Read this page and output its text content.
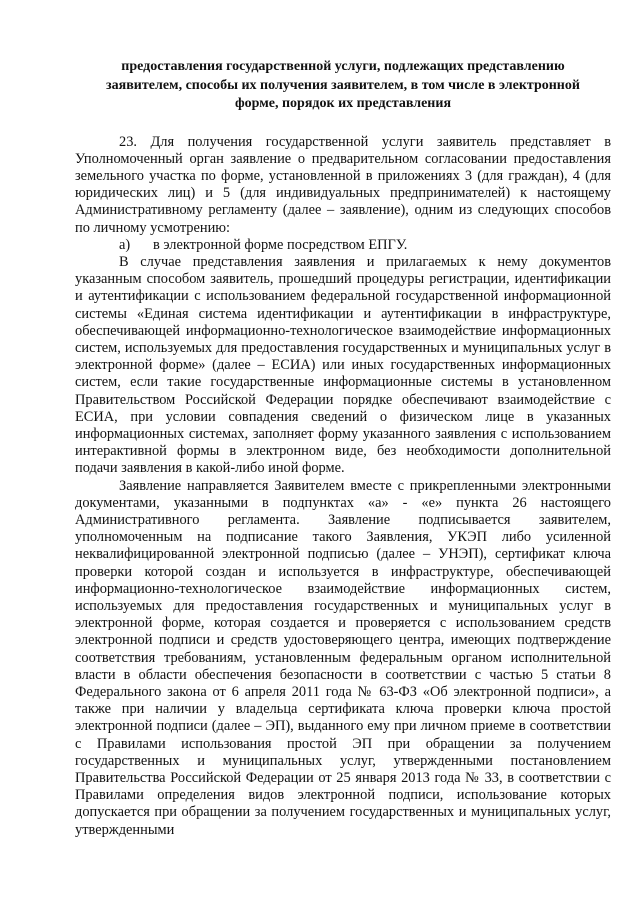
предоставления государственной услуги, подлежащих представлению
заявителем, способы их получения заявителем, в том числе в электронной
форме, порядок их представления

23. Для получения государственной услуги заявитель представляет в Уполномоченный орган заявление о предварительном согласовании предоставления земельного участка по форме, установленной в приложениях 3 (для граждан), 4 (для юридических лиц) и 5 (для индивидуальных предпринимателей) к настоящему Административному регламенту (далее – заявление), одним из следующих способов по личному усмотрению:

а) в электронной форме посредством ЕПГУ.

В случае представления заявления и прилагаемых к нему документов указанным способом заявитель, прошедший процедуры регистрации, идентификации и аутентификации с использованием федеральной государственной информационной системы «Единая система идентификации и аутентификации в инфраструктуре, обеспечивающей информационно-технологическое взаимодействие информационных систем, используемых для предоставления государственных и муниципальных услуг в электронной форме» (далее – ЕСИА) или иных государственных информационных систем, если такие государственные информационные системы в установленном Правительством Российской Федерации порядке обеспечивают взаимодействие с ЕСИА, при условии совпадения сведений о физическом лице в указанных информационных системах, заполняет форму указанного заявления с использованием интерактивной формы в электронном виде, без необходимости дополнительной подачи заявления в какой-либо иной форме.

Заявление направляется Заявителем вместе с прикрепленными электронными документами, указанными в подпунктах «а» - «е» пункта 26 настоящего Административного регламента. Заявление подписывается заявителем, уполномоченным на подписание такого Заявления, УКЭП либо усиленной неквалифицированной электронной подписью (далее – УНЭП), сертификат ключа проверки которой создан и используется в инфраструктуре, обеспечивающей информационно-технологическое взаимодействие информационных систем, используемых для предоставления государственных и муниципальных услуг в электронной форме, которая создается и проверяется с использованием средств электронной подписи и средств удостоверяющего центра, имеющих подтверждение соответствия требованиям, установленным федеральным органом исполнительной власти в области обеспечения безопасности в соответствии с частью 5 статьи 8 Федерального закона от 6 апреля 2011 года № 63-ФЗ «Об электронной подписи», а также при наличии у владельца сертификата ключа проверки ключа простой электронной подписи (далее – ЭП), выданного ему при личном приеме в соответствии с Правилами использования простой ЭП при обращении за получением государственных и муниципальных услуг, утвержденными постановлением Правительства Российской Федерации от 25 января 2013 года № 33, в соответствии с Правилами определения видов электронной подписи, использование которых допускается при обращении за получением государственных и муниципальных услуг, утвержденными
